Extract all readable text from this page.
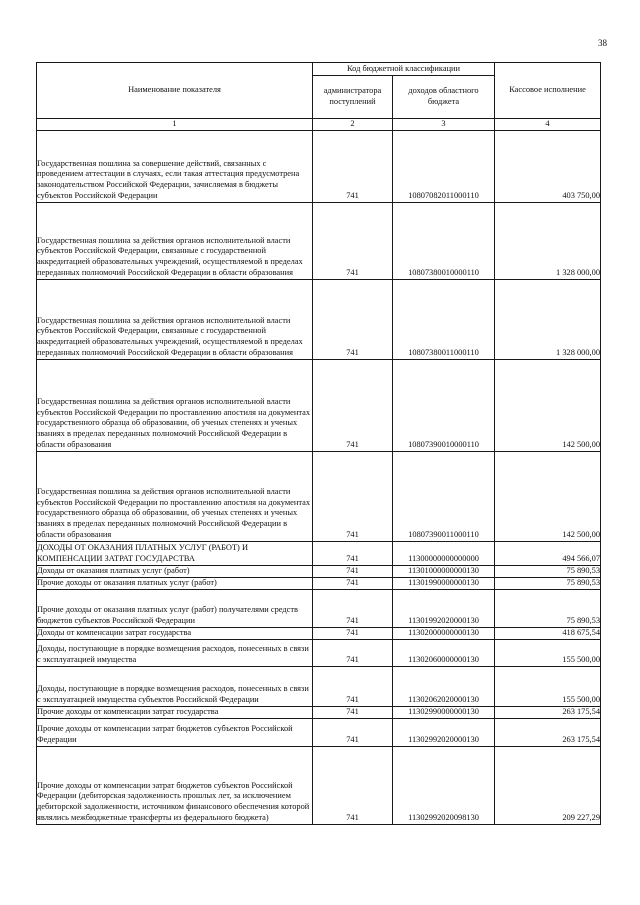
38
Наименование показателя	Код бюджетной классификации		Кассовое исполнение
	администратора поступлений	доходов областного бюджета	
1	2	3	4
Государственная пошлина за совершение действий, связанных с проведением аттестации в случаях, если такая аттестация предусмотрена законодательством Российской Федерации, зачисляемая в бюджеты субъектов Российской Федерации	741	10807082011000110	403 750,00
Государственная пошлина за действия органов исполнительной власти субъектов Российской Федерации, связанные с государственной аккредитацией образовательных учреждений, осуществляемой в пределах переданных полномочий Российской Федерации в области образования	741	10807380010000110	1 328 000,00
Государственная пошлина за действия органов исполнительной власти субъектов Российской Федерации, связанные с государственной аккредитацией образовательных учреждений, осуществляемой в пределах переданных полномочий Российской Федерации в области образования	741	10807380011000110	1 328 000,00
Государственная пошлина за действия органов исполнительной власти субъектов Российской Федерации по проставлению апостиля на документах государственного образца об образовании, об ученых степенях и ученых званиях в пределах переданных полномочий Российской Федерации в области образования	741	10807390010000110	142 500,00
Государственная пошлина за действия органов исполнительной власти субъектов Российской Федерации по проставлению апостиля на документах государственного образца об образовании, об ученых степенях и ученых званиях в пределах переданных полномочий Российской Федерации в области образования	741	10807390011000110	142 500,00
ДОХОДЫ ОТ ОКАЗАНИЯ ПЛАТНЫХ УСЛУГ (РАБОТ) И КОМПЕНСАЦИИ ЗАТРАТ ГОСУДАРСТВА	741	11300000000000000	494 566,07
Доходы от оказания платных услуг (работ)	741	11301000000000130	75 890,53
Прочие доходы от оказания платных услуг (работ)	741	11301990000000130	75 890,53
Прочие доходы от оказания платных услуг (работ) получателями средств бюджетов субъектов Российской Федерации	741	11301992020000130	75 890,53
Доходы от компенсации затрат государства	741	11302000000000130	418 675,54
Доходы, поступающие в порядке возмещения расходов, понесенных в связи с эксплуатацией имущества	741	11302060000000130	155 500,00
Доходы, поступающие в порядке возмещения расходов, понесенных в связи с эксплуатацией имущества субъектов Российской Федерации	741	11302062020000130	155 500,00
Прочие доходы от компенсации затрат государства	741	11302990000000130	263 175,54
Прочие доходы от компенсации затрат бюджетов субъектов Российской Федерации	741	11302992020000130	263 175,54
Прочие доходы от компенсации затрат бюджетов субъектов Российской Федерации (дебиторская задолженность прошлых лет, за исключением дебиторской задолженности, источником финансового обеспечения которой являлись межбюджетные трансферты из федерального бюджета)	741	11302992020098130	209 227,29
